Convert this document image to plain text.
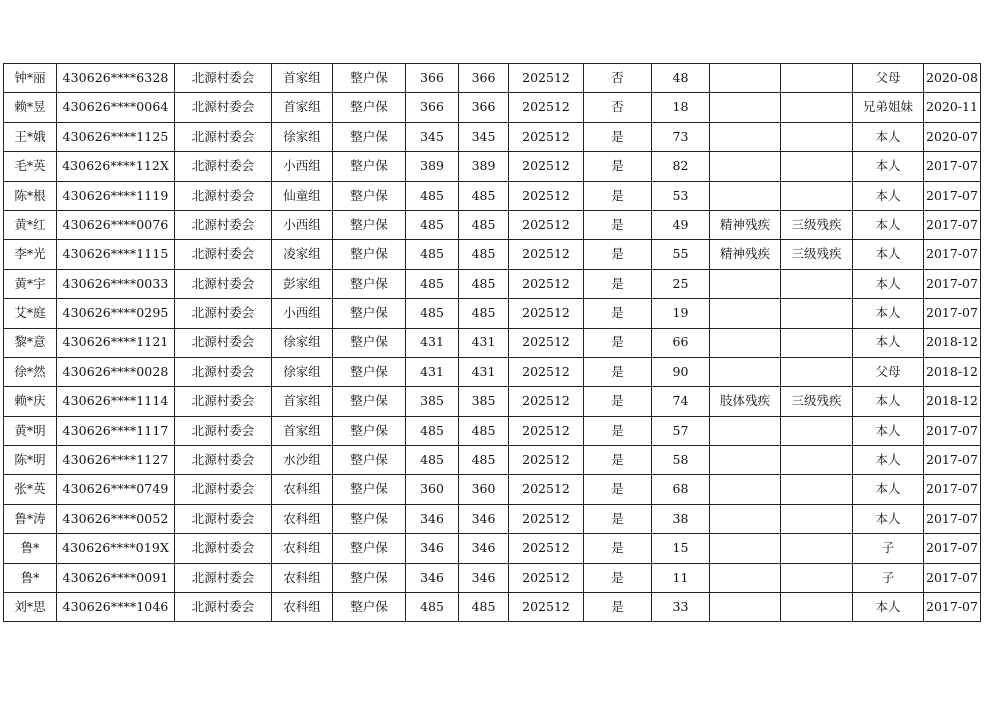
钟*丽	430626****6328	北源村委会	首家组	整户保	366	366	202512	否	48			父母	2020-08
赖*昱	430626****0064	北源村委会	首家组	整户保	366	366	202512	否	18			兄弟姐妹	2020-11
王*娥	430626****1125	北源村委会	徐家组	整户保	345	345	202512	是	73			本人	2020-07
毛*英	430626****112X	北源村委会	小西组	整户保	389	389	202512	是	82			本人	2017-07
陈*根	430626****1119	北源村委会	仙童组	整户保	485	485	202512	是	53			本人	2017-07
黄*红	430626****0076	北源村委会	小西组	整户保	485	485	202512	是	49	精神残疾	三级残疾	本人	2017-07
李*光	430626****1115	北源村委会	凌家组	整户保	485	485	202512	是	55	精神残疾	三级残疾	本人	2017-07
黄*宇	430626****0033	北源村委会	彭家组	整户保	485	485	202512	是	25			本人	2017-07
艾*庭	430626****0295	北源村委会	小西组	整户保	485	485	202512	是	19			本人	2017-07
黎*意	430626****1121	北源村委会	徐家组	整户保	431	431	202512	是	66			本人	2018-12
徐*然	430626****0028	北源村委会	徐家组	整户保	431	431	202512	是	90			父母	2018-12
赖*庆	430626****1114	北源村委会	首家组	整户保	385	385	202512	是	74	肢体残疾	三级残疾	本人	2018-12
黄*明	430626****1117	北源村委会	首家组	整户保	485	485	202512	是	57			本人	2017-07
陈*明	430626****1127	北源村委会	水沙组	整户保	485	485	202512	是	58			本人	2017-07
张*英	430626****0749	北源村委会	农科组	整户保	360	360	202512	是	68			本人	2017-07
鲁*涛	430626****0052	北源村委会	农科组	整户保	346	346	202512	是	38			本人	2017-07
鲁*	430626****019X	北源村委会	农科组	整户保	346	346	202512	是	15			子	2017-07
鲁*	430626****0091	北源村委会	农科组	整户保	346	346	202512	是	11			子	2017-07
刘*思	430626****1046	北源村委会	农科组	整户保	485	485	202512	是	33			本人	2017-07
